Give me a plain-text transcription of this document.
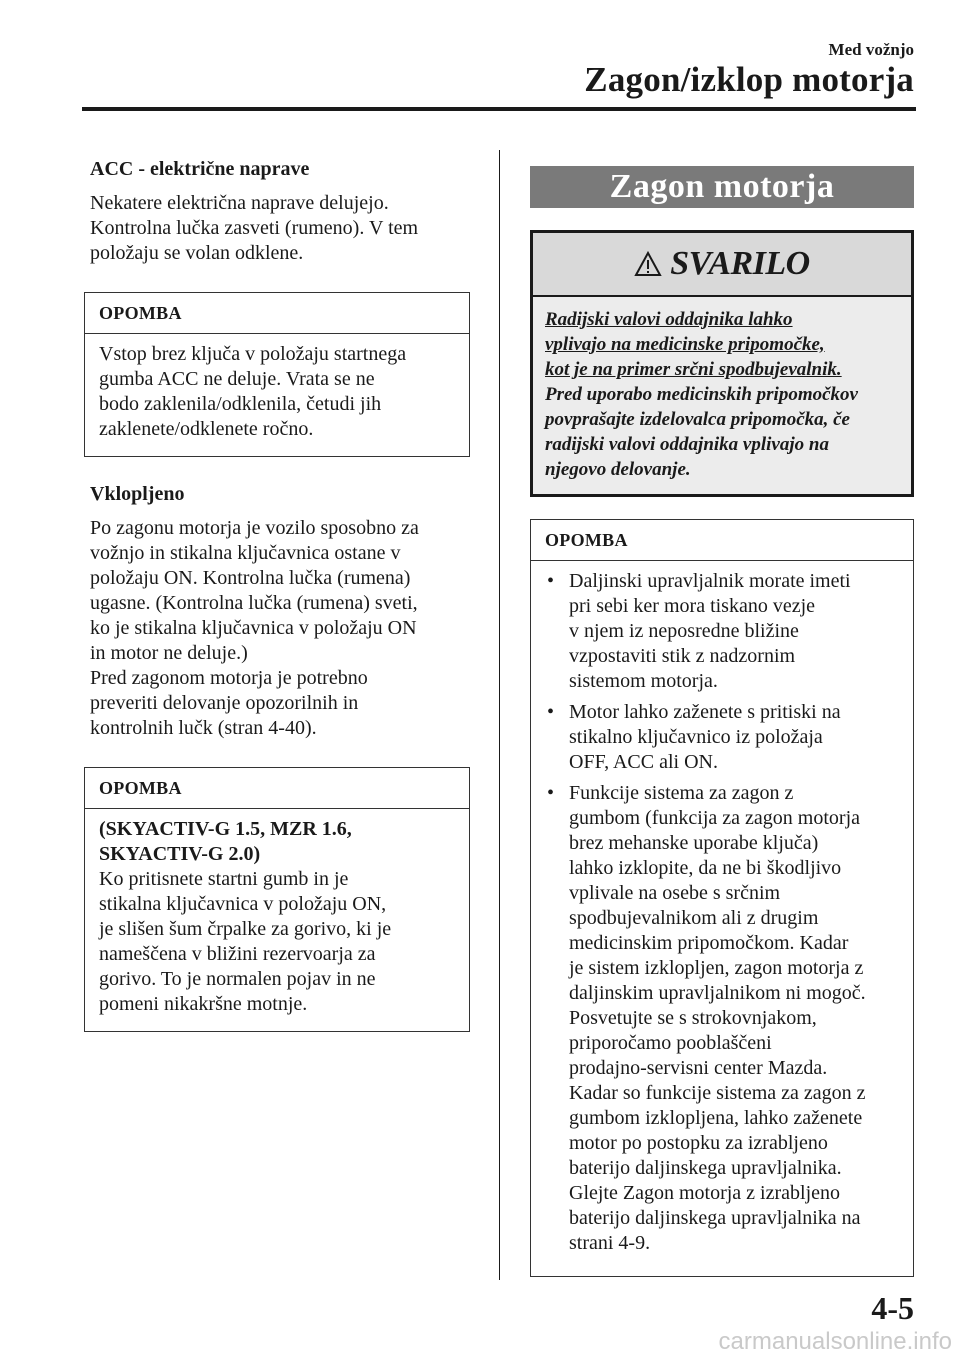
Med vožnjo
Zagon/izklop motorja
ACC - električne naprave

Nekatere električna naprave delujejo.

Kontrolna lučka zasveti (rumeno). V tem

položaju se volan odklene.

OPOMBA
Vstop brez ključa v položaju startnega
gumba ACC ne deluje. Vrata se ne
bodo zaklenila/odklenila, četudi jih
zaklenete/odklenete ročno.
Vklopljeno

Po zagonu motorja je vozilo sposobno za

vožnjo in stikalna ključavnica ostane v

položaju ON. Kontrolna lučka (rumena)

ugasne. (Kontrolna lučka (rumena) sveti,

ko je stikalna ključavnica v položaju ON

in motor ne deluje.)

Pred zagonom motorja je potrebno

preveriti delovanje opozorilnih in

kontrolnih lučk (stran 4-40).

OPOMBA
(SKYACTIV-G 1.5, MZR 1.6,
SKYACTIV-G 2.0)
Ko pritisnete startni gumb in je
stikalna ključavnica v položaju ON,
je slišen šum črpalke za gorivo, ki je
nameščena v bližini rezervoarja za
gorivo. To je normalen pojav in ne
pomeni nikakršne motnje.
Zagon motorja
SVARILO
Radijski valovi oddajnika lahko
vplivajo na medicinske pripomočke,
kot je na primer srčni spodbujevalnik.
Pred uporabo medicinskih pripomočkov
povprašajte izdelovalca pripomočka, če
radijski valovi oddajnika vplivajo na
njegovo delovanje.
OPOMBA
• Daljinski upravljalnik morate imeti
pri sebi ker mora tiskano vezje
v njem iz neposredne bližine
vzpostaviti stik z nadzornim
sistemom motorja.
• Motor lahko zaženete s pritiski na
stikalno ključavnico iz položaja
OFF, ACC ali ON.
• Funkcije sistema za zagon z
gumbom (funkcija za zagon motorja
brez mehanske uporabe ključa)
lahko izklopite, da ne bi škodljivo
vplivale na osebe s srčnim
spodbujevalnikom ali z drugim
medicinskim pripomočkom. Kadar
je sistem izklopljen, zagon motorja z
daljinskim upravljalnikom ni mogoč.
Posvetujte se s strokovnjakom,
priporočamo pooblaščeni
prodajno-servisni center Mazda.
Kadar so funkcije sistema za zagon z
gumbom izklopljena, lahko zaženete
motor po postopku za izrabljeno
baterijo daljinskega upravljalnika.
Glejte Zagon motorja z izrabljeno
baterijo daljinskega upravljalnika na
strani 4-9.
4-5
carmanualsonline.info
